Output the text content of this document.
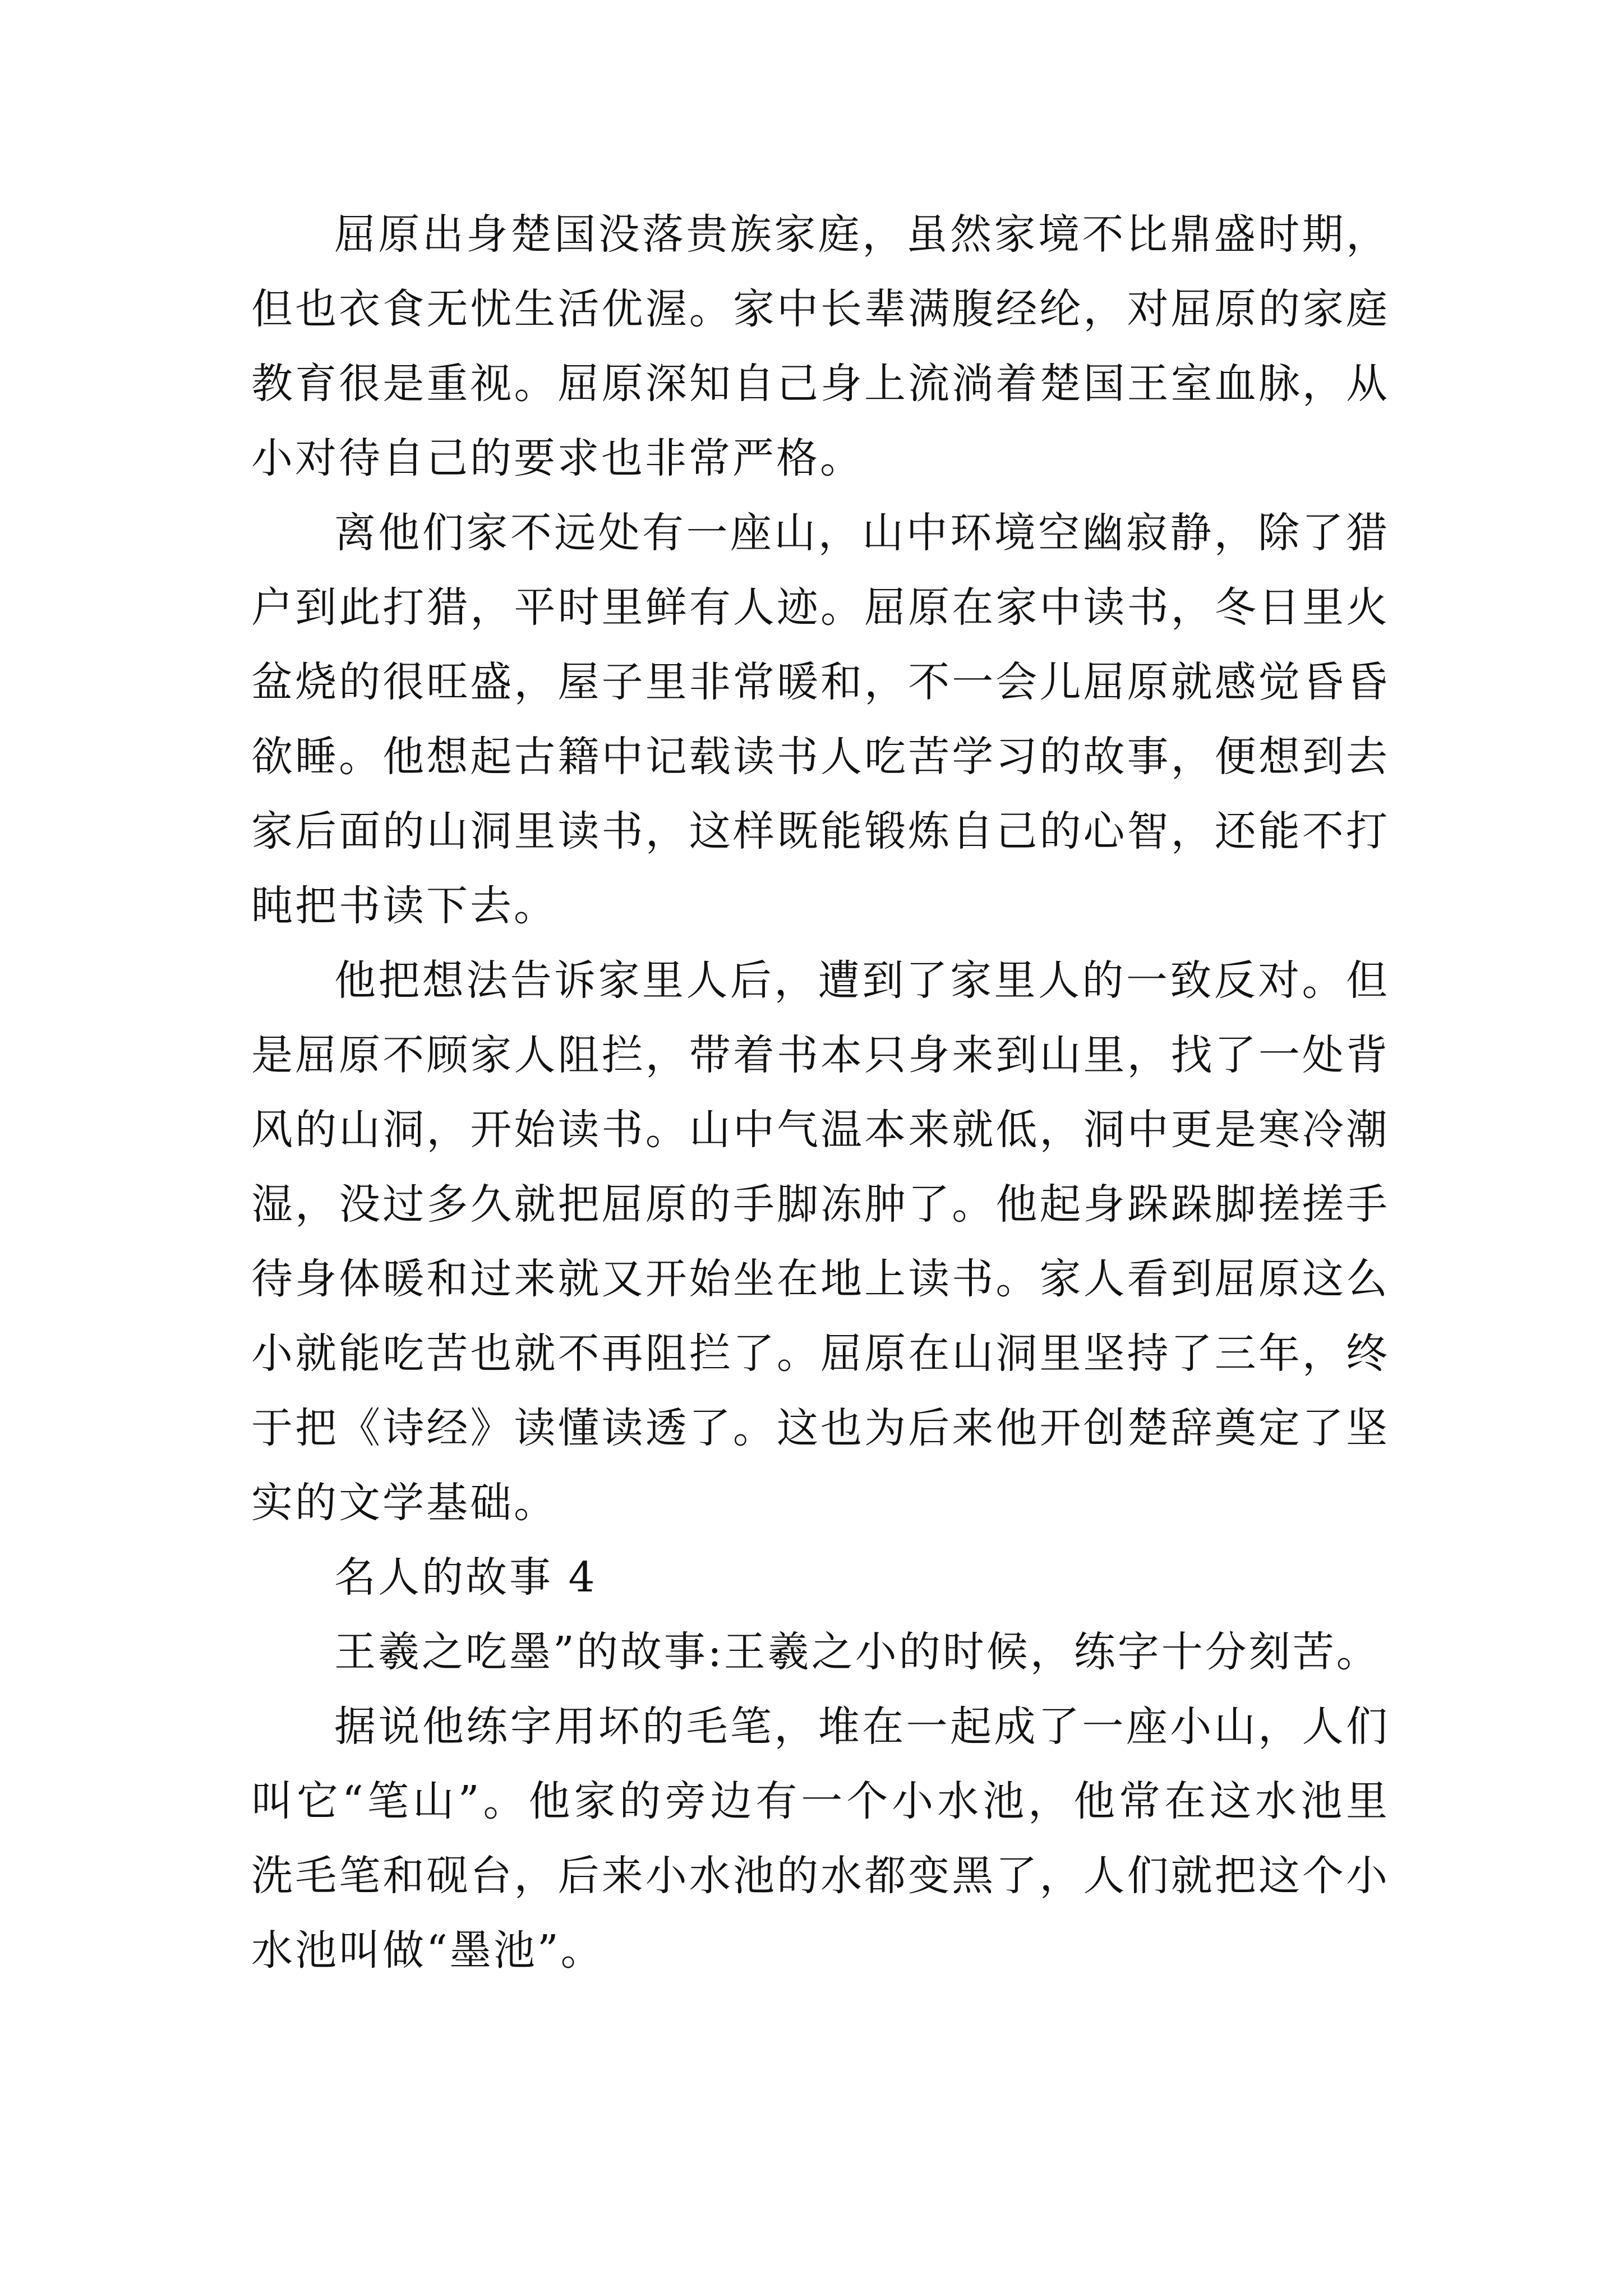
屈原出身楚国没落贵族家庭，虽然家境不比鼎盛时期，但也衣食无忧生活优渥。家中长辈满腹经纶，对屈原的家庭教育很是重视。屈原深知自己身上流淌着楚国王室血脉，从小对待自己的要求也非常严格。

离他们家不远处有一座山，山中环境空幽寂静，除了猎户到此打猎，平时里鲜有人迹。屈原在家中读书，冬日里火盆烧的很旺盛，屋子里非常暖和，不一会儿屈原就感觉昏昏欲睡。他想起古籍中记载读书人吃苦学习的故事，便想到去家后面的山洞里读书，这样既能锻炼自己的心智，还能不打盹把书读下去。

他把想法告诉家里人后，遭到了家里人的一致反对。但是屈原不顾家人阻拦，带着书本只身来到山里，找了一处背风的山洞，开始读书。山中气温本来就低，洞中更是寒冷潮湿，没过多久就把屈原的手脚冻肿了。他起身跺跺脚搓搓手待身体暖和过来就又开始坐在地上读书。家人看到屈原这么小就能吃苦也就不再阻拦了。屈原在山洞里坚持了三年，终于把《诗经》读懂读透了。这也为后来他开创楚辞奠定了坚实的文学基础。

名人的故事 4

王羲之吃墨”的故事:王羲之小的时候，练字十分刻苦。

据说他练字用坏的毛笔，堆在一起成了一座小山，人们叫它“笔山”。他家的旁边有一个小水池，他常在这水池里洗毛笔和砚台，后来小水池的水都变黑了，人们就把这个小水池叫做“墨池”。
